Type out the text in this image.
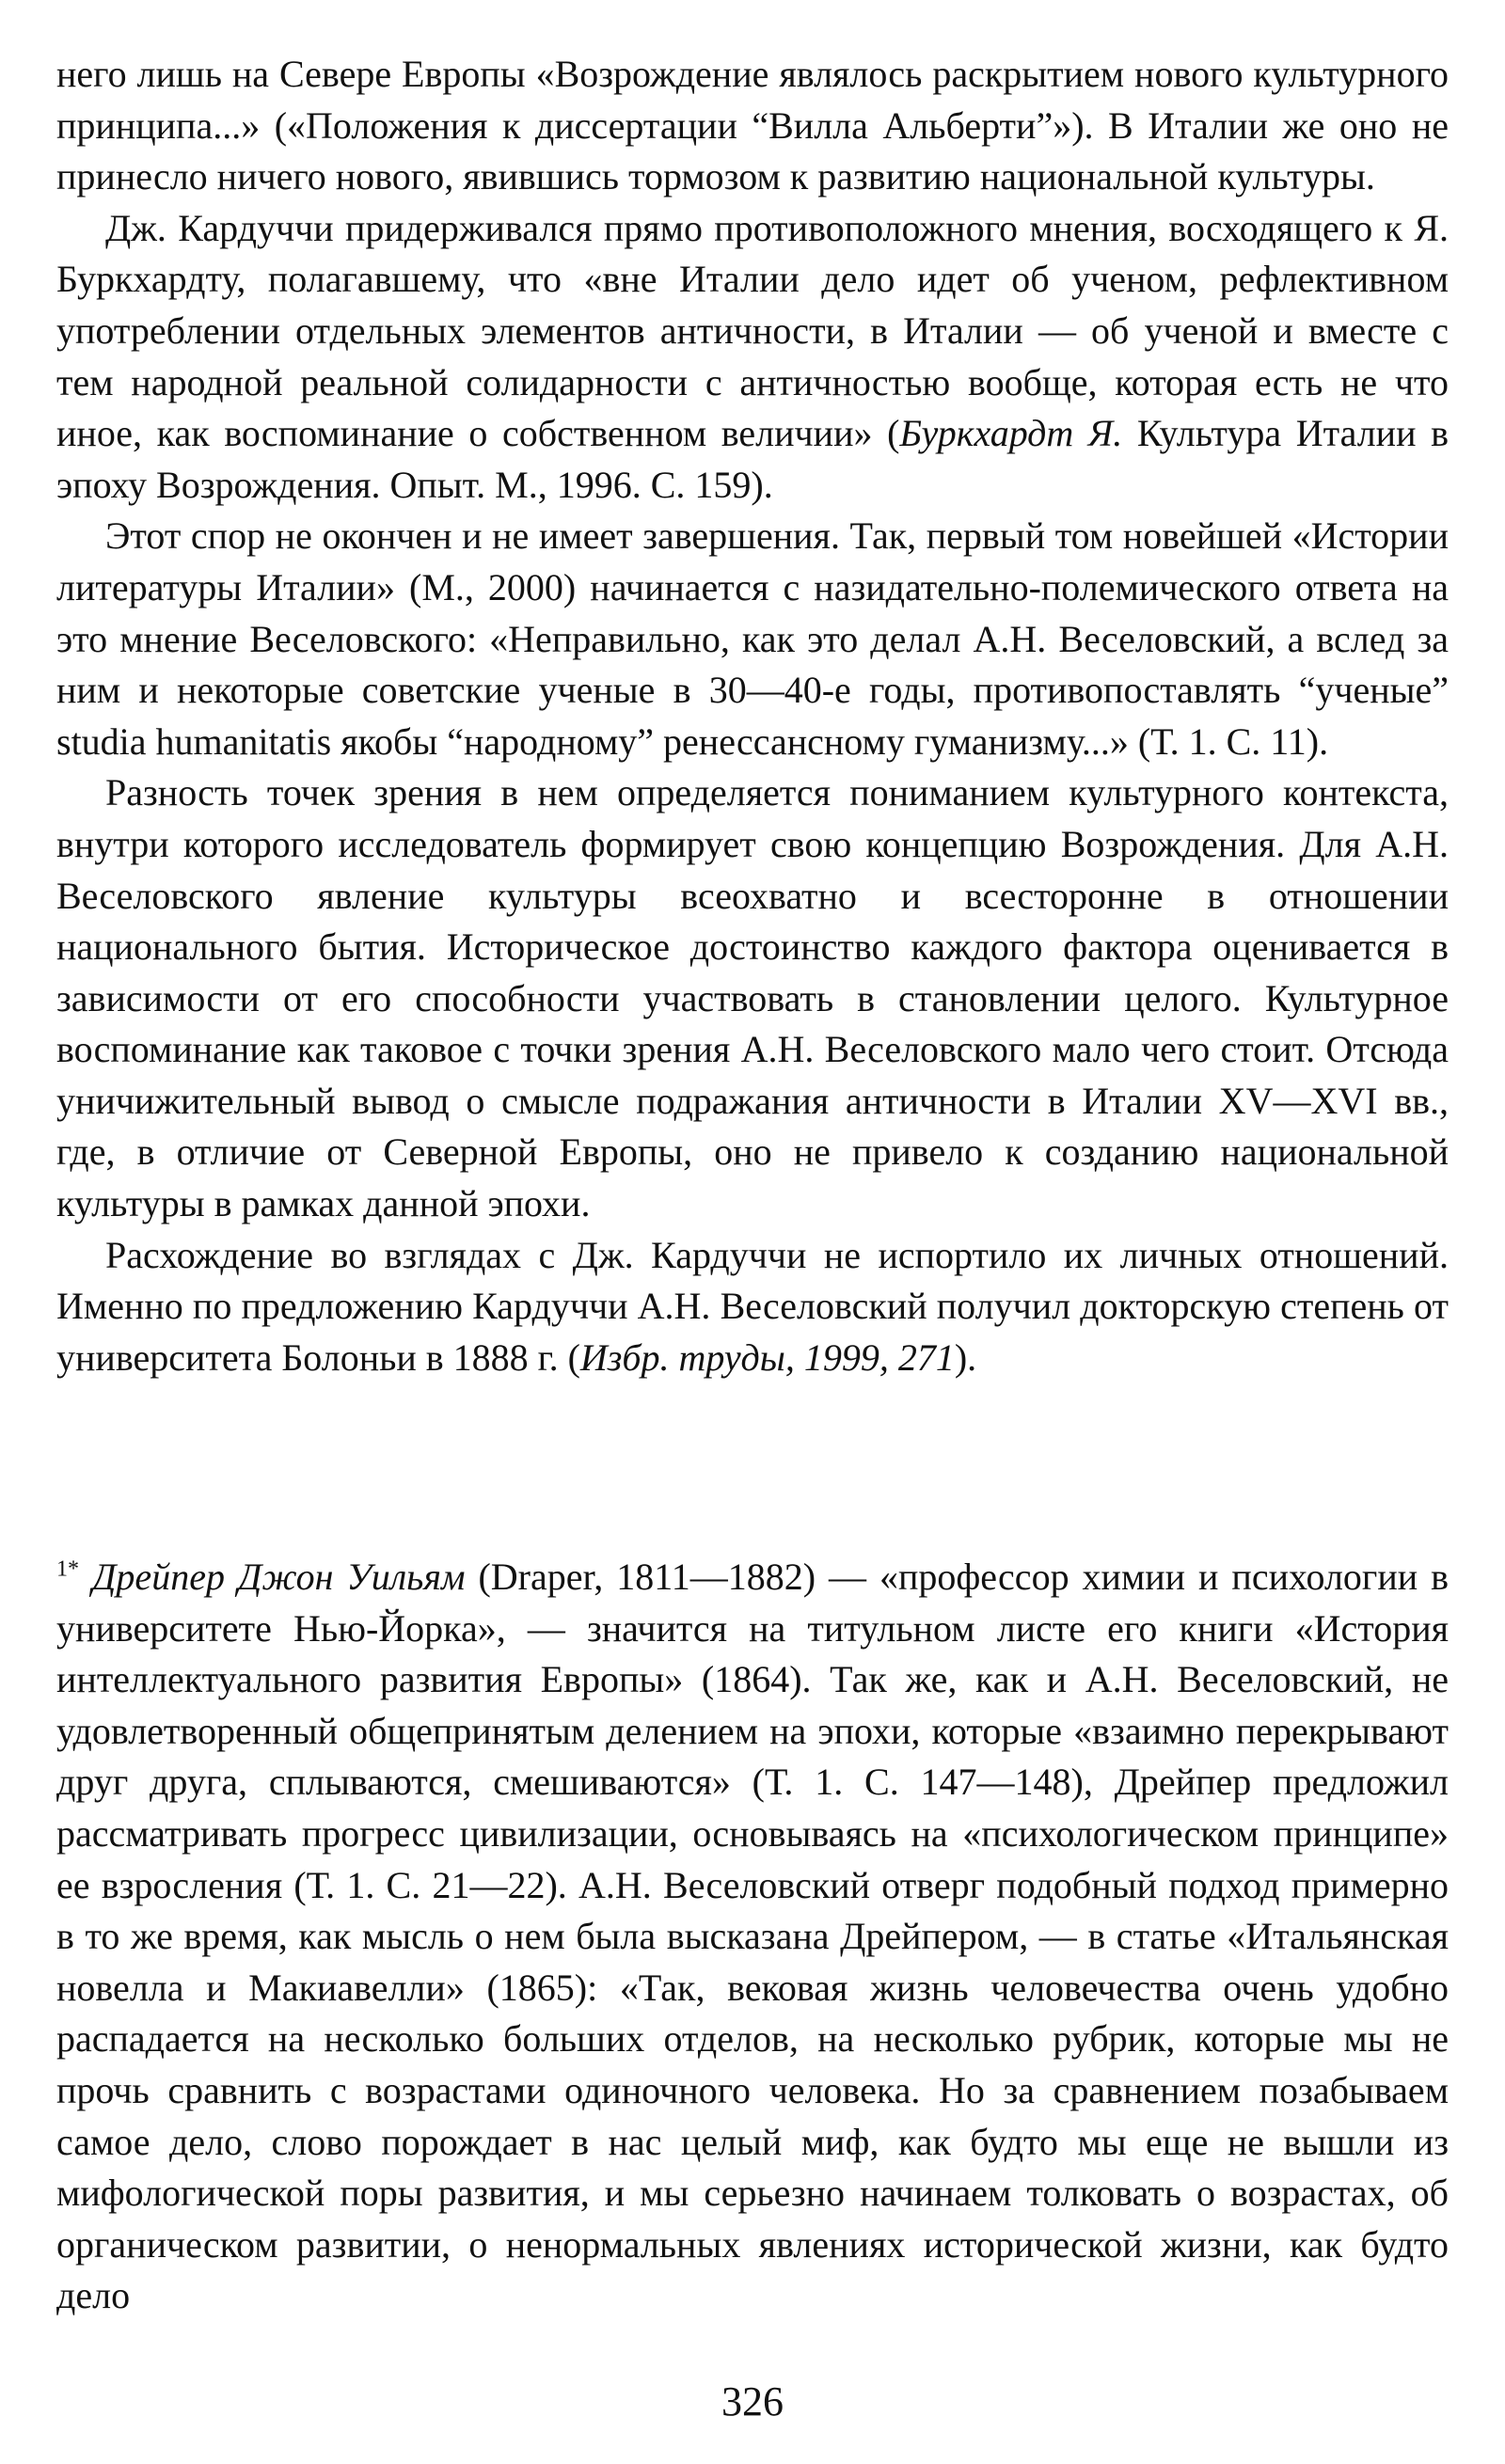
него лишь на Севере Европы «Возрождение являлось раскрытием нового культурного принципа...» («Положения к диссертации “Вилла Альберти”»). В Италии же оно не принесло ничего нового, явившись тормозом к развитию национальной культуры.

Дж. Кардуччи придерживался прямо противоположного мнения, восходящего к Я. Буркхардту, полагавшему, что «вне Италии дело идет об ученом, рефлективном употреблении отдельных элементов античности, в Италии — об ученой и вместе с тем народной реальной солидарности с античностью вообще, которая есть не что иное, как воспоминание о собственном величии» (Буркхардт Я. Культура Италии в эпоху Возрождения. Опыт. М., 1996. С. 159).

Этот спор не окончен и не имеет завершения. Так, первый том новейшей «Истории литературы Италии» (М., 2000) начинается с назидательно-полемического ответа на это мнение Веселовского: «Неправильно, как это делал А.Н. Веселовский, а вслед за ним и некоторые советские ученые в 30—40-е годы, противопоставлять “ученые” studia humanitatis якобы “народному” ренессансному гуманизму...» (Т. 1. С. 11).

Разность точек зрения в нем определяется пониманием культурного контекста, внутри которого исследователь формирует свою концепцию Возрождения. Для А.Н. Веселовского явление культуры всеохватно и всесторонне в отношении национального бытия. Историческое достоинство каждого фактора оценивается в зависимости от его способности участвовать в становлении целого. Культурное воспоминание как таковое с точки зрения А.Н. Веселовского мало чего стоит. Отсюда уничижительный вывод о смысле подражания античности в Италии XV—XVI вв., где, в отличие от Северной Европы, оно не привело к созданию национальной культуры в рамках данной эпохи.

Расхождение во взглядах с Дж. Кардуччи не испортило их личных отношений. Именно по предложению Кардуччи А.Н. Веселовский получил докторскую степень от университета Болоньи в 1888 г. (Избр. труды, 1999, 271).

$^{1*}$ Дрейпер Джон Уильям (Draper, 1811—1882) — «профессор химии и психологии в университете Нью-Йорка», — значится на титульном листе его книги «История интеллектуального развития Европы» (1864). Так же, как и А.Н. Веселовский, не удовлетворенный общепринятым делением на эпохи, которые «взаимно перекрывают друг друга, сплываются, смешиваются» (Т. 1. С. 147—148), Дрейпер предложил рассматривать прогресс цивилизации, основываясь на «психологическом принципе» ее взросления (Т. 1. С. 21—22). А.Н. Веселовский отверг подобный подход примерно в то же время, как мысль о нем была высказана Дрейпером, — в статье «Итальянская новелла и Макиавелли» (1865): «Так, вековая жизнь человечества очень удобно распадается на несколько больших отделов, на несколько рубрик, которые мы не прочь сравнить с возрастами одиночного человека. Но за сравнением позабываем самое дело, слово порождает в нас целый миф, как будто мы еще не вышли из мифологической поры развития, и мы серьезно начинаем толковать о возрастах, об органическом развитии, о ненормальных явлениях исторической жизни, как будто дело

326
